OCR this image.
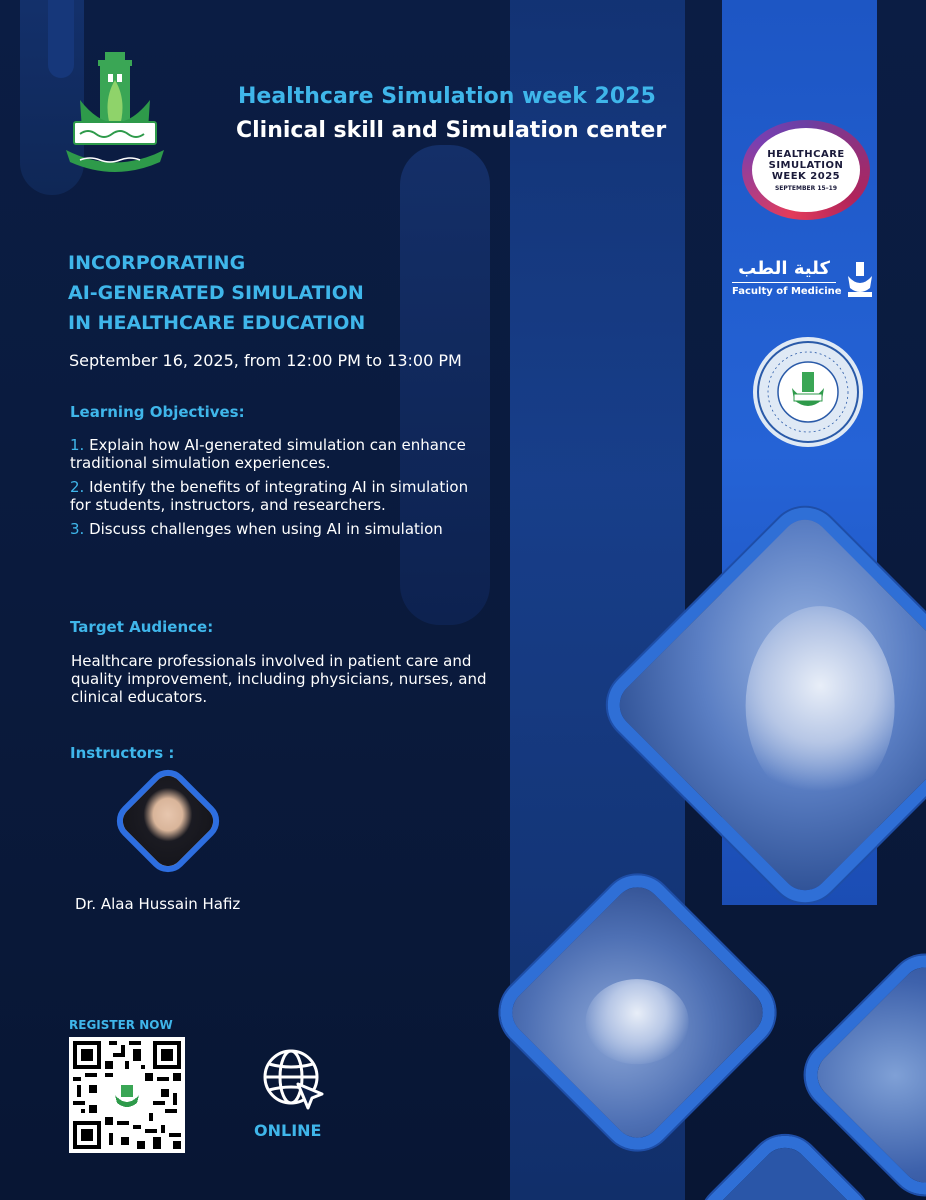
Healthcare Simulation week 2025
Clinical skill and Simulation center
HEALTHCARE
SIMULATION
WEEK 2025
SEPTEMBER 15–19
كلية الطب
Faculty of Medicine
INCORPORATING
AI-GENERATED SIMULATION
IN HEALTHCARE EDUCATION
September 16, 2025, from 12:00 PM to 13:00 PM
Learning Objectives:
1. Explain how AI-generated simulation can enhance traditional simulation experiences.
2. Identify the benefits of integrating AI in simulation for students, instructors, and researchers.
3. Discuss challenges when using AI in simulation
Target Audience:
Healthcare professionals involved in patient care and quality improvement, including physicians, nurses, and clinical educators.
Instructors :
Dr. Alaa Hussain Hafiz
REGISTER NOW
ONLINE
